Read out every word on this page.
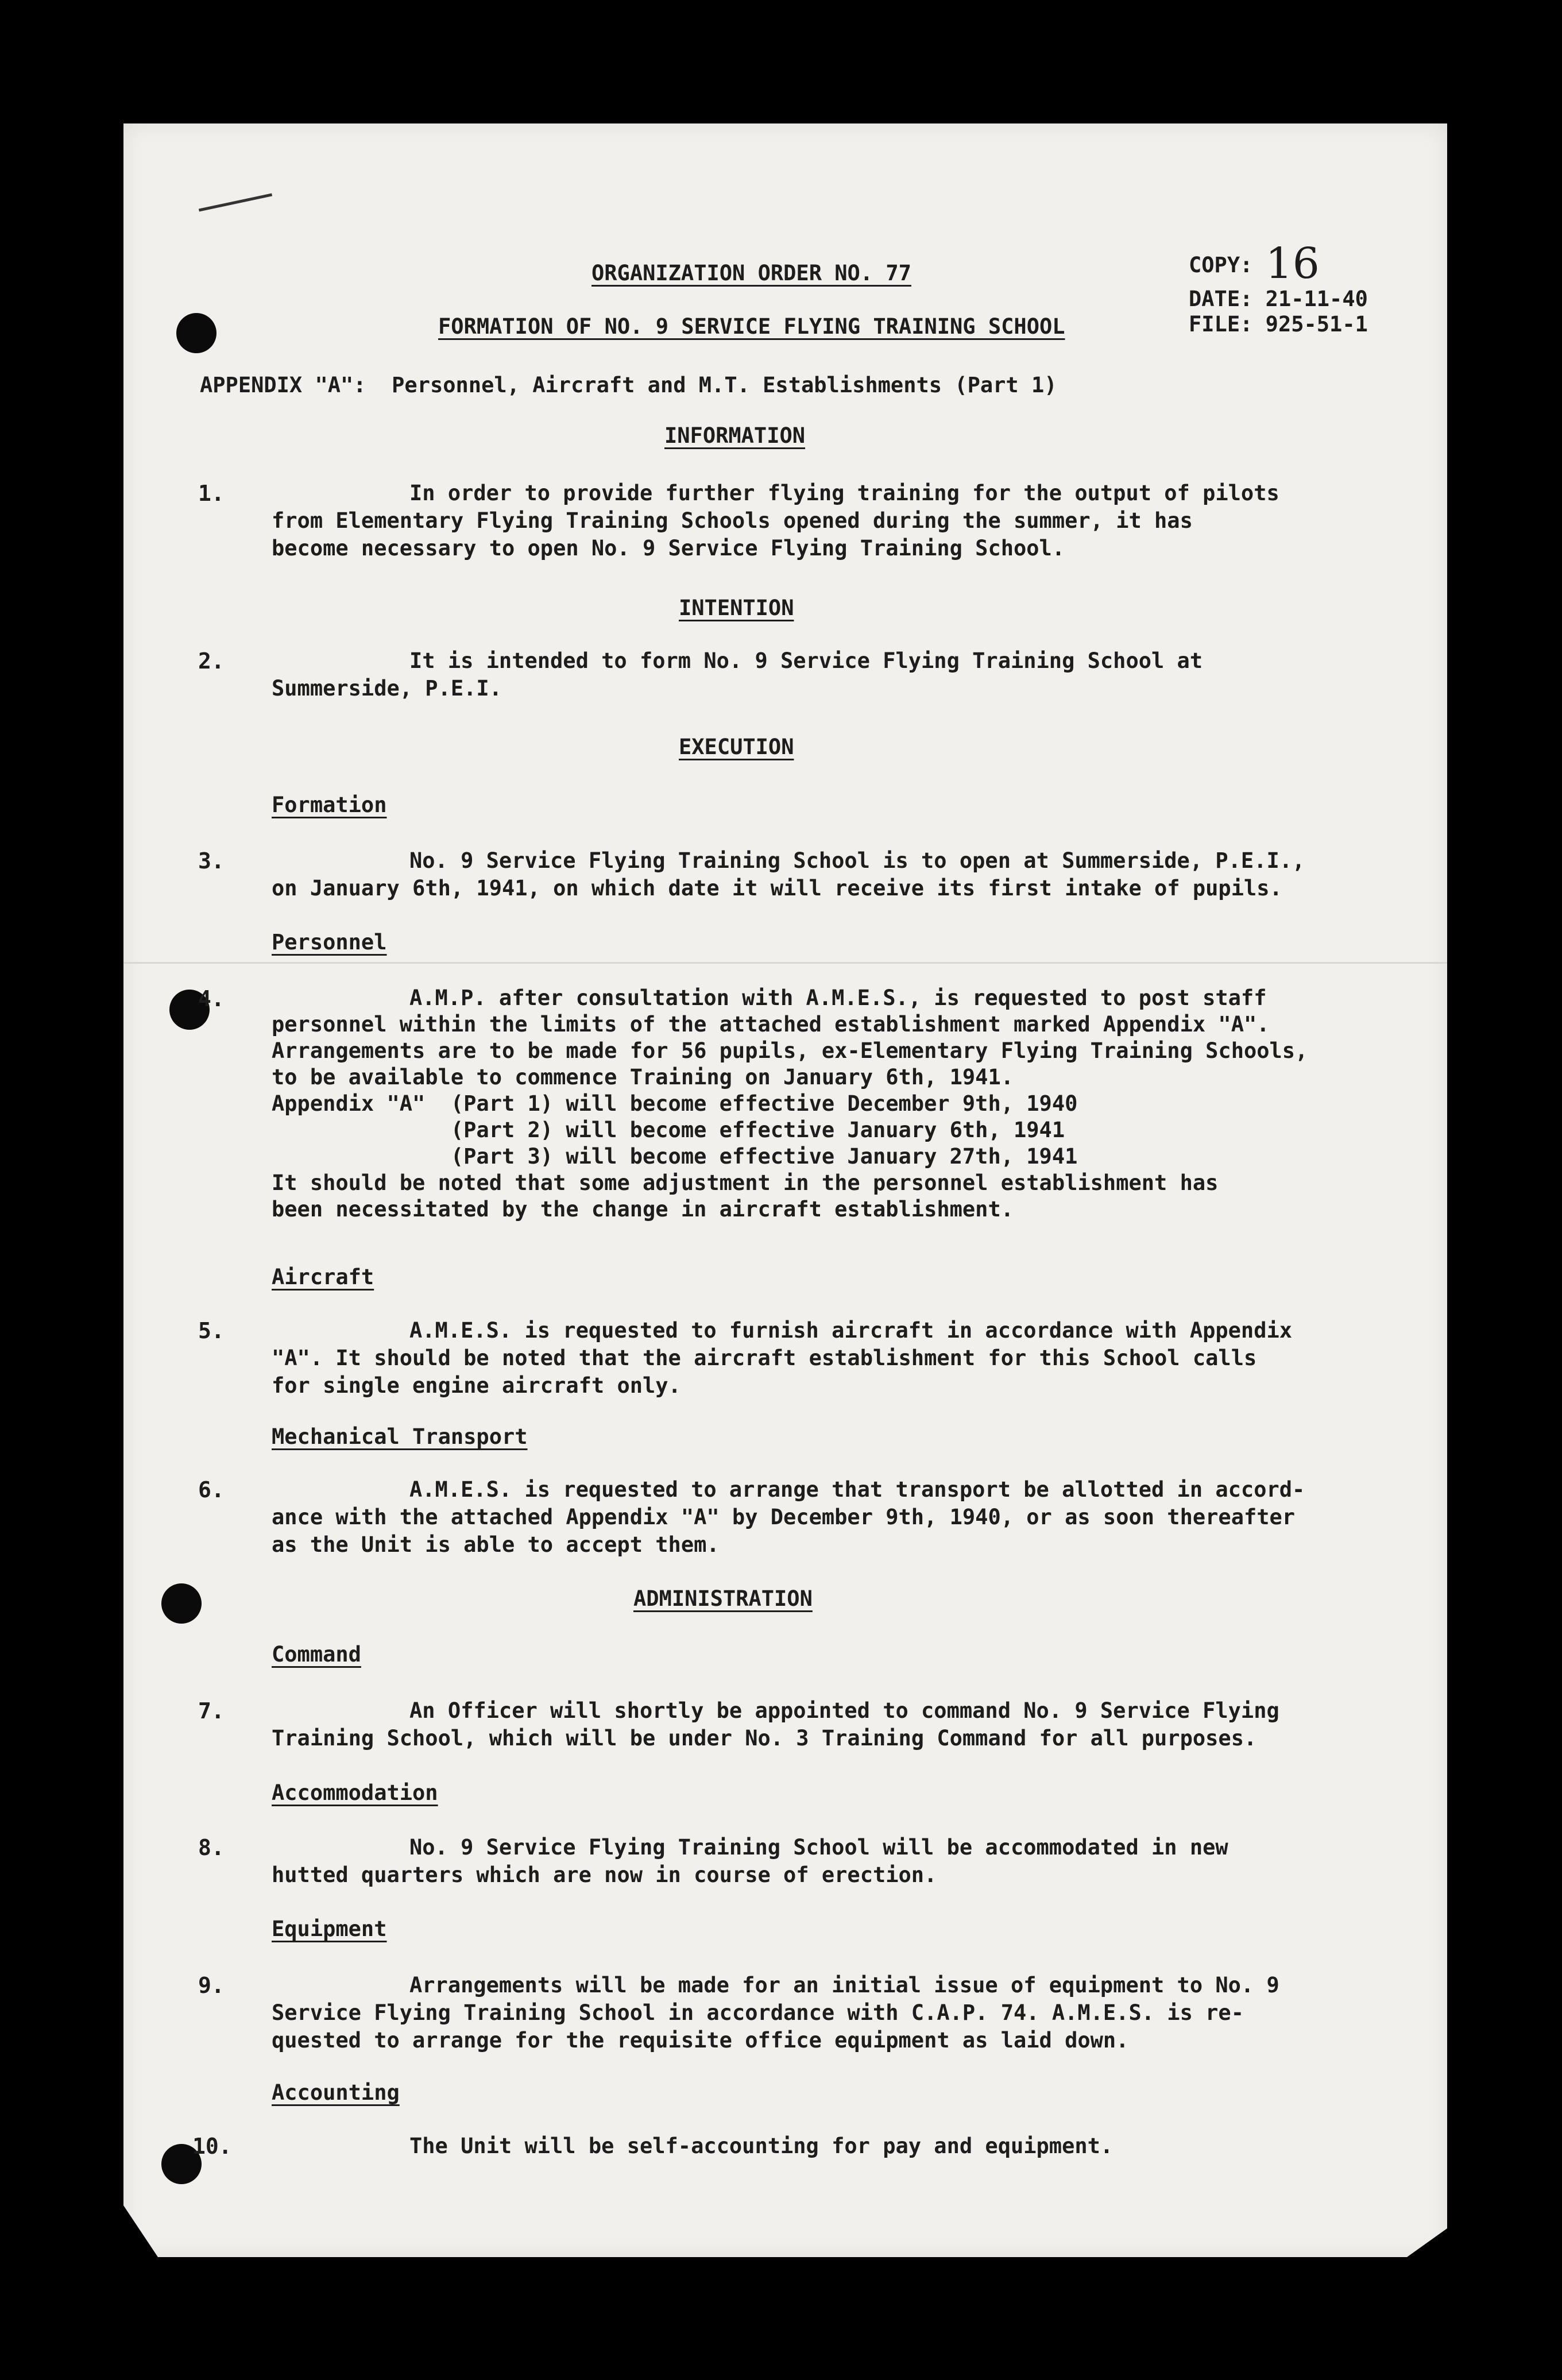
ORGANIZATION ORDER NO. 77
FORMATION OF NO. 9 SERVICE FLYING TRAINING SCHOOL
COPY: 16
DATE: 21-11-40
FILE: 925-51-1
APPENDIX "A": Personnel, Aircraft and M.T. Establishments (Part 1)
INFORMATION
1.	In order to provide further flying training for the output of pilots

from Elementary Flying Training Schools opened during the summer, it has

become necessary to open No. 9 Service Flying Training School.

INTENTION
2.	It is intended to form No. 9 Service Flying Training School at

Summerside, P.E.I.

EXECUTION
Formation
3.	No. 9 Service Flying Training School is to open at Summerside, P.E.I.,

on January 6th, 1941, on which date it will receive its first intake of pupils.

Personnel
4.	A.M.P. after consultation with A.M.E.S., is requested to post staff

personnel within the limits of the attached establishment marked Appendix "A".

Arrangements are to be made for 56 pupils, ex-Elementary Flying Training Schools,

to be available to commence Training on January 6th, 1941.

Appendix "A"  (Part 1) will become effective December 9th, 1940

(Part 2) will become effective January 6th, 1941

(Part 3) will become effective January 27th, 1941

It should be noted that some adjustment in the personnel establishment has

been necessitated by the change in aircraft establishment.

Aircraft
5.	A.M.E.S. is requested to furnish aircraft in accordance with Appendix

"A". It should be noted that the aircraft establishment for this School calls

for single engine aircraft only.

Mechanical Transport
6.	A.M.E.S. is requested to arrange that transport be allotted in accord-

ance with the attached Appendix "A" by December 9th, 1940, or as soon thereafter

as the Unit is able to accept them.

ADMINISTRATION
Command
7.	An Officer will shortly be appointed to command No. 9 Service Flying

Training School, which will be under No. 3 Training Command for all purposes.

Accommodation
8.	No. 9 Service Flying Training School will be accommodated in new

hutted quarters which are now in course of erection.

Equipment
9.	Arrangements will be made for an initial issue of equipment to No. 9

Service Flying Training School in accordance with C.A.P. 74. A.M.E.S. is re-

quested to arrange for the requisite office equipment as laid down.

Accounting
10.	The Unit will be self-accounting for pay and equipment.
